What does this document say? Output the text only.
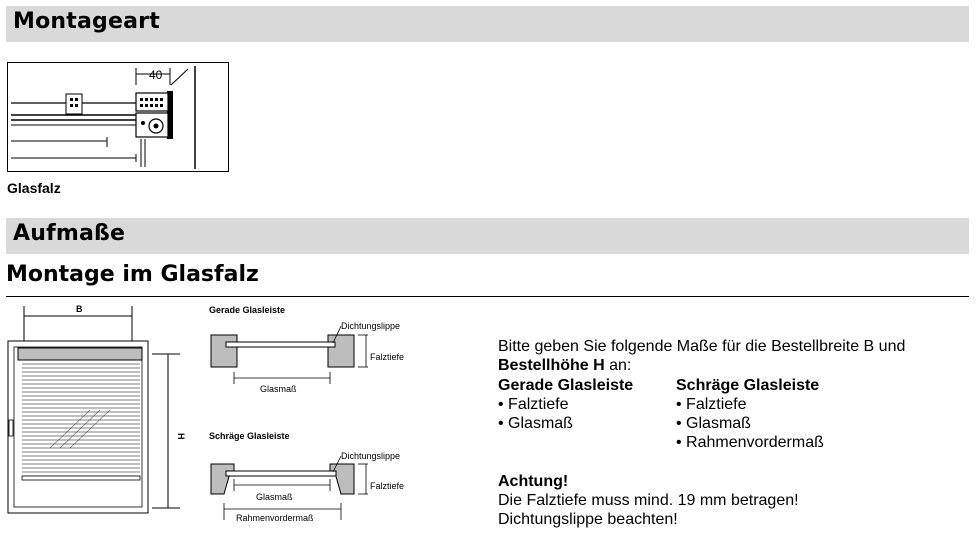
Montageart
40
Glasfalz
Aufmaße
Montage im Glasfalz
B
H
Gerade Glasleiste
Dichtungslippe
Falztiefe
Glasmaß
Schräge Glasleiste
Dichtungslippe
Falztiefe
Glasmaß
Rahmenvordermaß
Bitte geben Sie folgende Maße für die Bestellbreite B und
Bestellhöhe H an:
Gerade Glasleiste
• Falztiefe
• Glasmaß
Schräge Glasleiste
• Falztiefe
• Glasmaß
• Rahmenvordermaß
Achtung!
Die Falztiefe muss mind. 19 mm betragen!
Dichtungslippe beachten!
